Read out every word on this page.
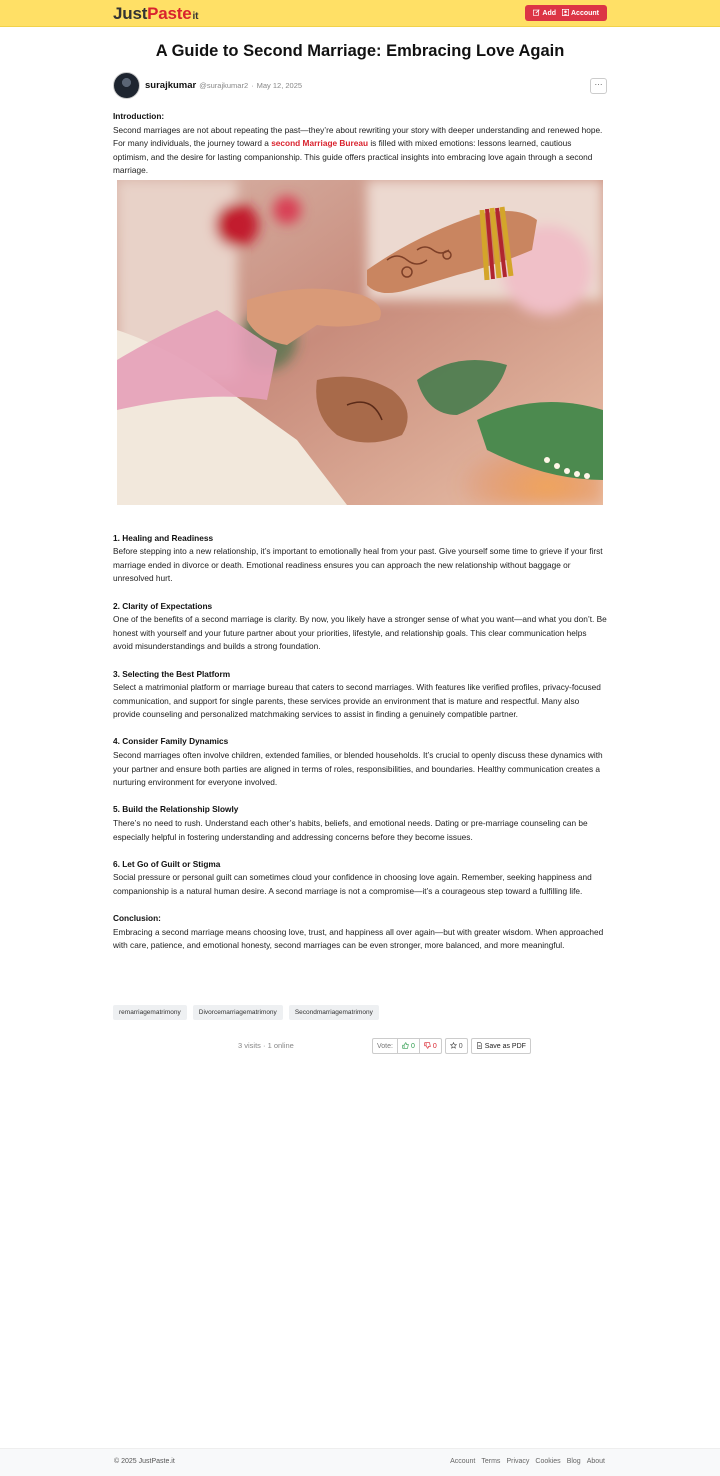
JustPasteit	Add Account
A Guide to Second Marriage: Embracing Love Again
surajkumar @surajkumar2 · May 12, 2025	···
Introduction:

Second marriages are not about repeating the past—they’re about rewriting your story with deeper understanding and renewed hope. For many individuals, the journey toward a second Marriage Bureau is filled with mixed emotions: lessons learned, cautious optimism, and the desire for lasting companionship. This guide offers practical insights into embracing love again through a second marriage.

1. Healing and Readiness

Before stepping into a new relationship, it’s important to emotionally heal from your past. Give yourself some time to grieve if your first marriage ended in divorce or death. Emotional readiness ensures you can approach the new relationship without baggage or unresolved hurt.

2. Clarity of Expectations

One of the benefits of a second marriage is clarity. By now, you likely have a stronger sense of what you want—and what you don’t. Be honest with yourself and your future partner about your priorities, lifestyle, and relationship goals. This clear communication helps avoid misunderstandings and builds a strong foundation.

3. Selecting the Best Platform

Select a matrimonial platform or marriage bureau that caters to second marriages. With features like verified profiles, privacy-focused communication, and support for single parents, these services provide an environment that is mature and respectful. Many also provide counseling and personalized matchmaking services to assist in finding a genuinely compatible partner.

4. Consider Family Dynamics

Second marriages often involve children, extended families, or blended households. It’s crucial to openly discuss these dynamics with your partner and ensure both parties are aligned in terms of roles, responsibilities, and boundaries. Healthy communication creates a nurturing environment for everyone involved.

5. Build the Relationship Slowly

There’s no need to rush. Understand each other’s habits, beliefs, and emotional needs. Dating or pre-marriage counseling can be especially helpful in fostering understanding and addressing concerns before they become issues.

6. Let Go of Guilt or Stigma

Social pressure or personal guilt can sometimes cloud your confidence in choosing love again. Remember, seeking happiness and companionship is a natural human desire. A second marriage is not a compromise—it’s a courageous step toward a fulfilling life.

Conclusion:

Embracing a second marriage means choosing love, trust, and happiness all over again—but with greater wisdom. When approached with care, patience, and emotional honesty, second marriages can be even stronger, more balanced, and more meaningful.

remarriagematrimony	Divorcemarriagematrimony	Secondmarriagematrimony
3 visits · 1 online	Vote:	0	0	0	Save as PDF
© 2025 JustPaste.it	Account Terms Privacy Cookies Blog About
